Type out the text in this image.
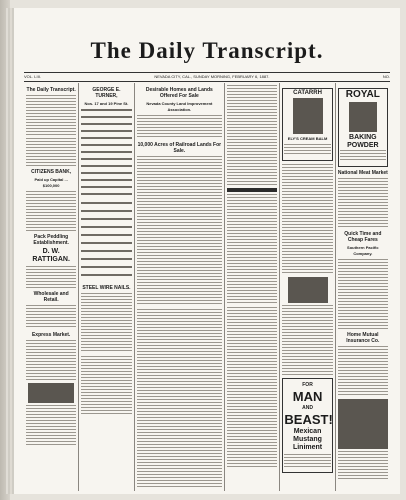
The Daily Transcript.
VOL. LIII.	NEVADA CITY, CAL., SUNDAY MORNING, FEBRUARY 6, 1887.	NO.
The Daily Transcript.
CITIZENS BANK,
Paid up Capital ... $100,000
Pack Peddling Establishment.
D. W. RATTIGAN.
Wholesale and Retail.
Express Market.
GEORGE E. TURNER,
Nos. 17 and 19 Pine St.
STEEL WIRE NAILS.
Desirable Homes and Lands Offered For Sale
Nevada County Land Improvement Association.
10,000 Acres of Railroad Lands For Sale.
CATARRH
ELY'S CREAM BALM
FOR
MAN
AND
BEAST!
Mexican Mustang Liniment
ROYAL
BAKING POWDER
National Meat Market
Quick Time and Cheap Fares
Southern Pacific Company.
Home Mutual Insurance Co.
